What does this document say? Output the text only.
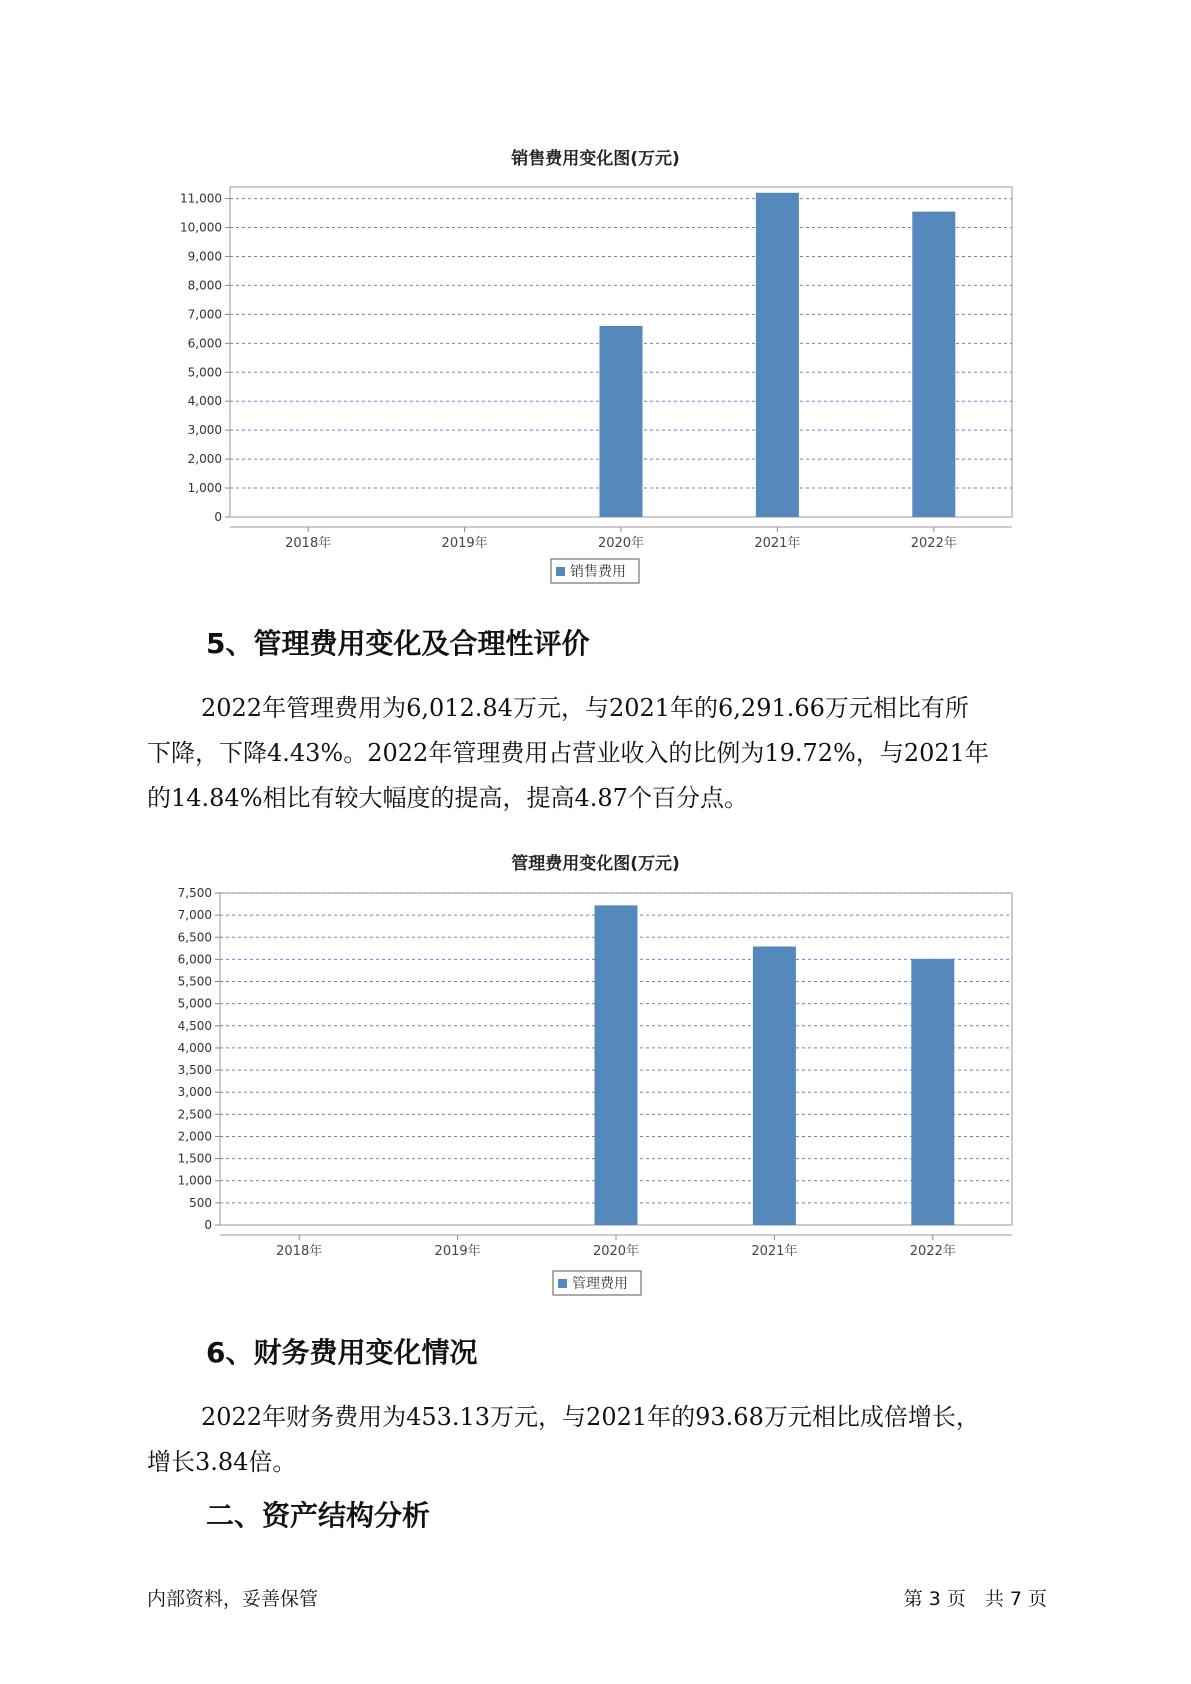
销售费用变化图(万元)
0
1,000
2,000
3,000
4,000
5,000
6,000
7,000
8,000
9,000
10,000
11,000
2018年	2019年	2020年	2021年	2022年
销售费用
5、管理费用变化及合理性评价

2022年管理费用为6,012.84万元，与2021年的6,291.66万元相比有所
下降，下降4.43%。2022年管理费用占营业收入的比例为19.72%，与2021年
的14.84%相比有较大幅度的提高，提高4.87个百分点。

管理费用变化图(万元)
0
500
1,000
1,500
2,000
2,500
3,000
3,500
4,000
4,500
5,000
5,500
6,000
6,500
7,000
7,500
2018年	2019年	2020年	2021年	2022年
管理费用
6、财务费用变化情况

2022年财务费用为453.13万元，与2021年的93.68万元相比成倍增长，
增长3.84倍。

二、资产结构分析
内部资料，妥善保管	第 3 页　共 7 页
